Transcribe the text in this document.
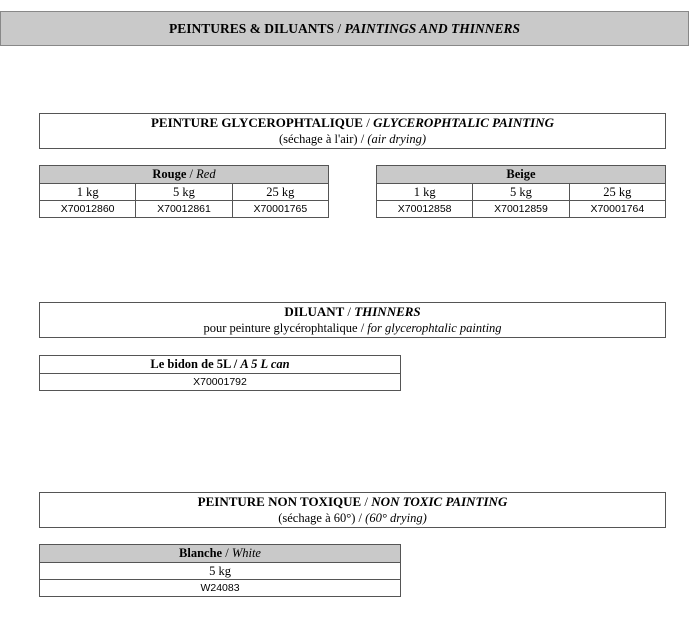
PEINTURES & DILUANTS / PAINTINGS AND THINNERS
PEINTURE GLYCEROPHTALIQUE / GLYCEROPHTALIC PAINTING
(séchage à l'air) / (air drying)
Rouge / Red		
1 kg	5 kg	25 kg
X70012860	X70012861	X70001765
Beige		
1 kg	5 kg	25 kg
X70012858	X70012859	X70001764
DILUANT / THINNERS
pour peinture glycérophtalique / for glycerophtalic painting
Le bidon de 5L / A 5 L can
X70001792
PEINTURE NON TOXIQUE / NON TOXIC PAINTING
(séchage à 60°) / (60° drying)
Blanche / White
5 kg
W24083
